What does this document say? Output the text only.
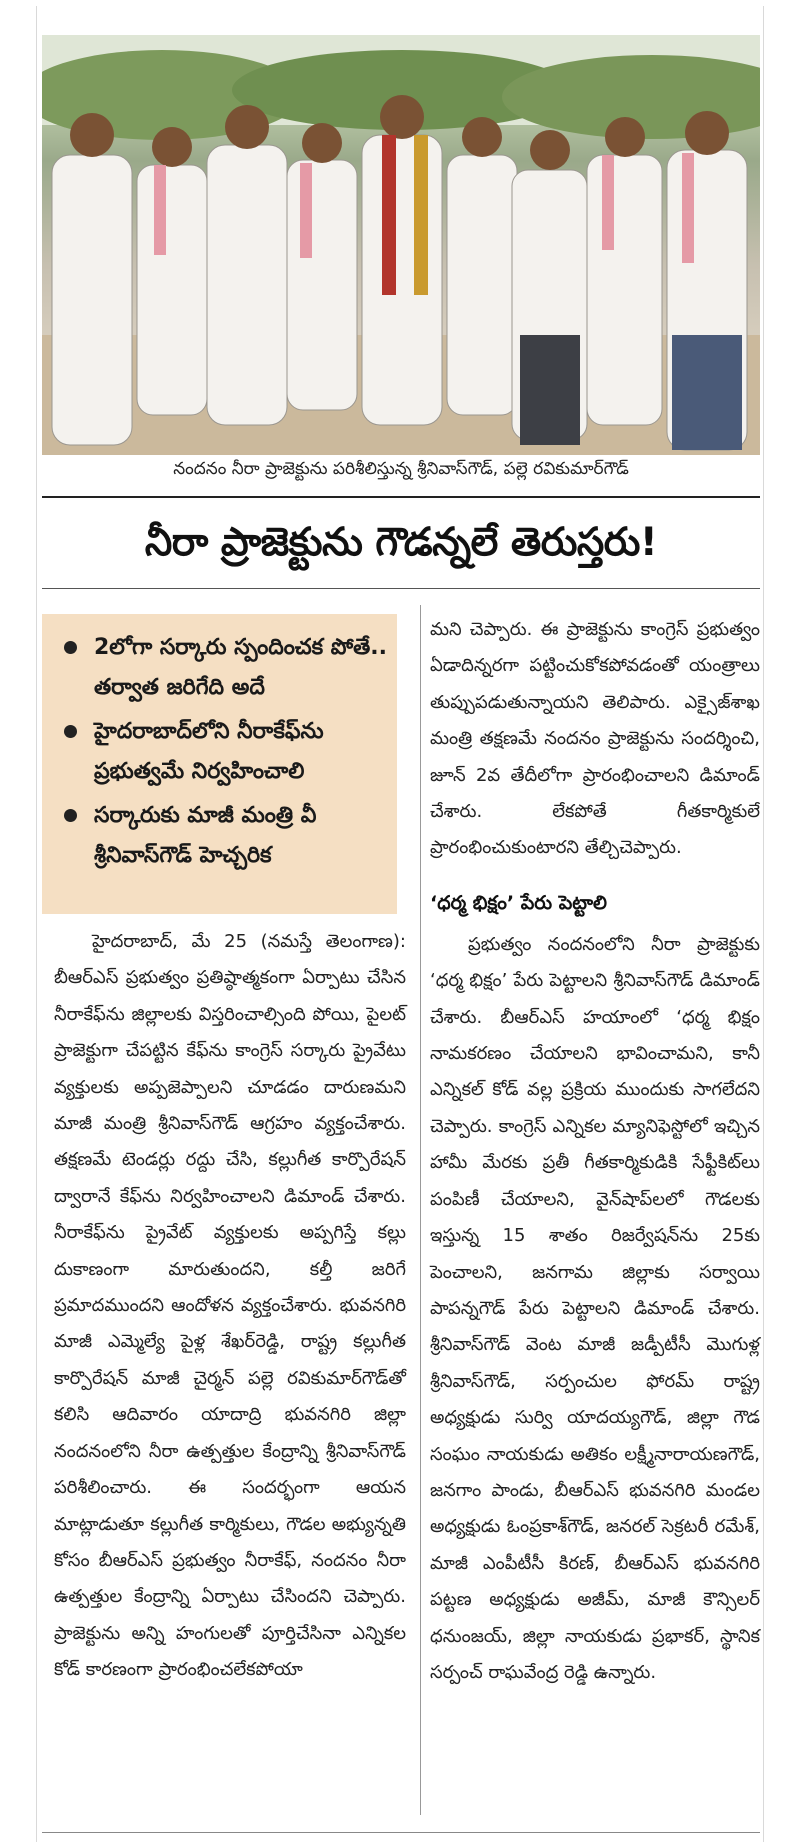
నందనం నీరా ప్రాజెక్టును పరిశీలిస్తున్న శ్రీనివాస్‌గౌడ్, పల్లె రవికుమార్‌గౌడ్
నీరా ప్రాజెక్టును గౌడన్నలే తెరుస్తరు!
2లోగా సర్కారు స్పందించక పోతే.. తర్వాత జరిగేది అదే
హైదరాబాద్‌లోని నీరాకేఫ్‌ను ప్రభుత్వమే నిర్వహించాలి
సర్కారుకు మాజీ మంత్రి వీ శ్రీనివాస్‌గౌడ్ హెచ్చరిక

హైదరాబాద్, మే 25 (నమస్తే తెలంగాణ): బీఆర్‌ఎస్ ప్రభుత్వం ప్రతిష్ఠాత్మకంగా ఏర్పాటు చేసిన నీరాకేఫ్‌ను జిల్లాలకు విస్తరించాల్సింది పోయి, పైలట్ ప్రాజెక్టుగా చేపట్టిన కేఫ్‌ను కాంగ్రెస్ సర్కారు ప్రైవేటు వ్యక్తులకు అప్పజెప్పాలని చూడడం దారుణమని మాజీ మంత్రి శ్రీనివాస్‌గౌడ్ ఆగ్రహం వ్యక్తంచేశారు. తక్షణమే టెండర్లు రద్దు చేసి, కల్లుగీత కార్పొరేషన్ ద్వారానే కేఫ్‌ను నిర్వహించాలని డిమాండ్ చేశారు. నీరాకేఫ్‌ను ప్రైవేట్ వ్యక్తులకు అప్పగిస్తే కల్లు దుకాణంగా మారుతుందని, కల్తీ జరిగే ప్రమాదముందని ఆందోళన వ్యక్తంచేశారు. భువనగిరి మాజీ ఎమ్మెల్యే పైళ్ల శేఖర్‌రెడ్డి, రాష్ట్ర కల్లుగీత కార్పొరేషన్ మాజీ చైర్మన్ పల్లె రవికుమార్‌గౌడ్‌తో కలిసి ఆదివారం యాదాద్రి భువనగిరి జిల్లా నందనంలోని నీరా ఉత్పత్తుల కేంద్రాన్ని శ్రీనివాస్‌గౌడ్ పరిశీలించారు. ఈ సందర్భంగా ఆయన మాట్లాడుతూ కల్లుగీత కార్మికులు, గౌడల అభ్యున్నతి కోసం బీఆర్‌ఎస్ ప్రభుత్వం నీరాకేఫ్, నందనం నీరా ఉత్పత్తుల కేంద్రాన్ని ఏర్పాటు చేసిందని చెప్పారు. ప్రాజెక్టును అన్ని హంగులతో పూర్తిచేసినా ఎన్నికల కోడ్ కారణంగా ప్రారంభించలేకపోయా

మని చెప్పారు. ఈ ప్రాజెక్టును కాంగ్రెస్ ప్రభుత్వం ఏడాదిన్నరగా పట్టించుకోకపోవడంతో యంత్రాలు తుప్పుపడుతున్నాయని తెలిపారు. ఎక్సైజ్‌శాఖ మంత్రి తక్షణమే నందనం ప్రాజెక్టును సందర్శించి, జూన్ 2వ తేదీలోగా ప్రారంభించాలని డిమాండ్ చేశారు. లేకపోతే గీతకార్మికులే ప్రారంభించుకుంటారని తేల్చిచెప్పారు.

‘ధర్మ భిక్షం’ పేరు పెట్టాలి

ప్రభుత్వం నందనంలోని నీరా ప్రాజెక్టుకు ‘ధర్మ భిక్షం’ పేరు పెట్టాలని శ్రీనివాస్‌గౌడ్ డిమాండ్ చేశారు. బీఆర్‌ఎస్ హయాంలో ‘ధర్మ భిక్షం నామకరణం చేయాలని భావించామని, కానీ ఎన్నికల్ కోడ్ వల్ల ప్రక్రియ ముందుకు సాగలేదని చెప్పారు. కాంగ్రెస్ ఎన్నికల మ్యానిఫెస్టోలో ఇచ్చిన హామీ మేరకు ప్రతీ గీతకార్మికుడికి సేఫ్టీకిట్‌లు పంపిణీ చేయాలని, వైన్‌షాప్‌లలో గౌడలకు ఇస్తున్న 15 శాతం రిజర్వేషన్‌ను 25కు పెంచాలని, జనగామ జిల్లాకు సర్వాయి పాపన్నగౌడ్ పేరు పెట్టాలని డిమాండ్ చేశారు. శ్రీనివాస్‌గౌడ్ వెంట మాజీ జడ్పీటీసీ మొగుళ్ల శ్రీనివాస్‌గౌడ్, సర్పంచుల ఫోరమ్ రాష్ట్ర అధ్యక్షుడు సుర్వి యాదయ్యగౌడ్, జిల్లా గౌడ సంఘం నాయకుడు అతికం లక్ష్మీనారాయణగౌడ్, జనగాం పాండు, బీఆర్‌ఎస్ భువనగిరి మండల అధ్యక్షుడు ఓంప్రకాశ్‌గౌడ్, జనరల్ సెక్రటరీ రమేశ్, మాజీ ఎంపీటీసీ కిరణ్, బీఆర్‌ఎస్ భువనగిరి పట్టణ అధ్యక్షుడు అజీమ్, మాజీ కౌన్సిలర్ ధనుంజయ్, జిల్లా నాయకుడు ప్రభాకర్, స్థానిక సర్పంచ్ రాఘవేంద్ర రెడ్డి ఉన్నారు.
